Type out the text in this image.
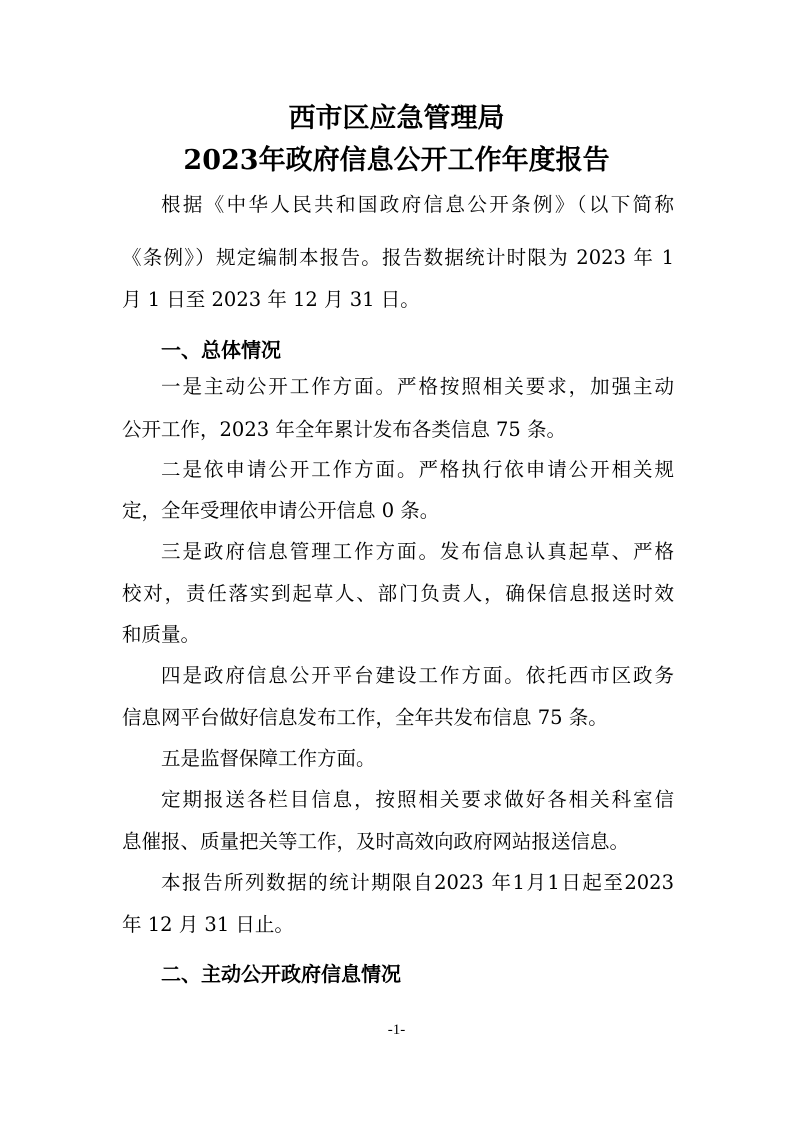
西市区应急管理局
2023年政府信息公开工作年度报告
根据《中华人民共和国政府信息公开条例》（以下简称
《条例》）规定编制本报告。报告数据统计时限为 2023 年 1
月 1 日至 2023 年 12 月 31 日。
一、总体情况
一是主动公开工作方面。严格按照相关要求，加强主动
公开工作，2023 年全年累计发布各类信息 75 条。
二是依申请公开工作方面。严格执行依申请公开相关规
定，全年受理依申请公开信息 0 条。
三是政府信息管理工作方面。发布信息认真起草、严格
校对，责任落实到起草人、部门负责人，确保信息报送时效
和质量。
四是政府信息公开平台建设工作方面。依托西市区政务
信息网平台做好信息发布工作，全年共发布信息 75 条。
五是监督保障工作方面。
定期报送各栏目信息，按照相关要求做好各相关科室信
息催报、质量把关等工作，及时高效向政府网站报送信息。
本报告所列数据的统计期限自2023 年1月1日起至2023
年 12 月 31 日止。
二、主动公开政府信息情况
-1-
